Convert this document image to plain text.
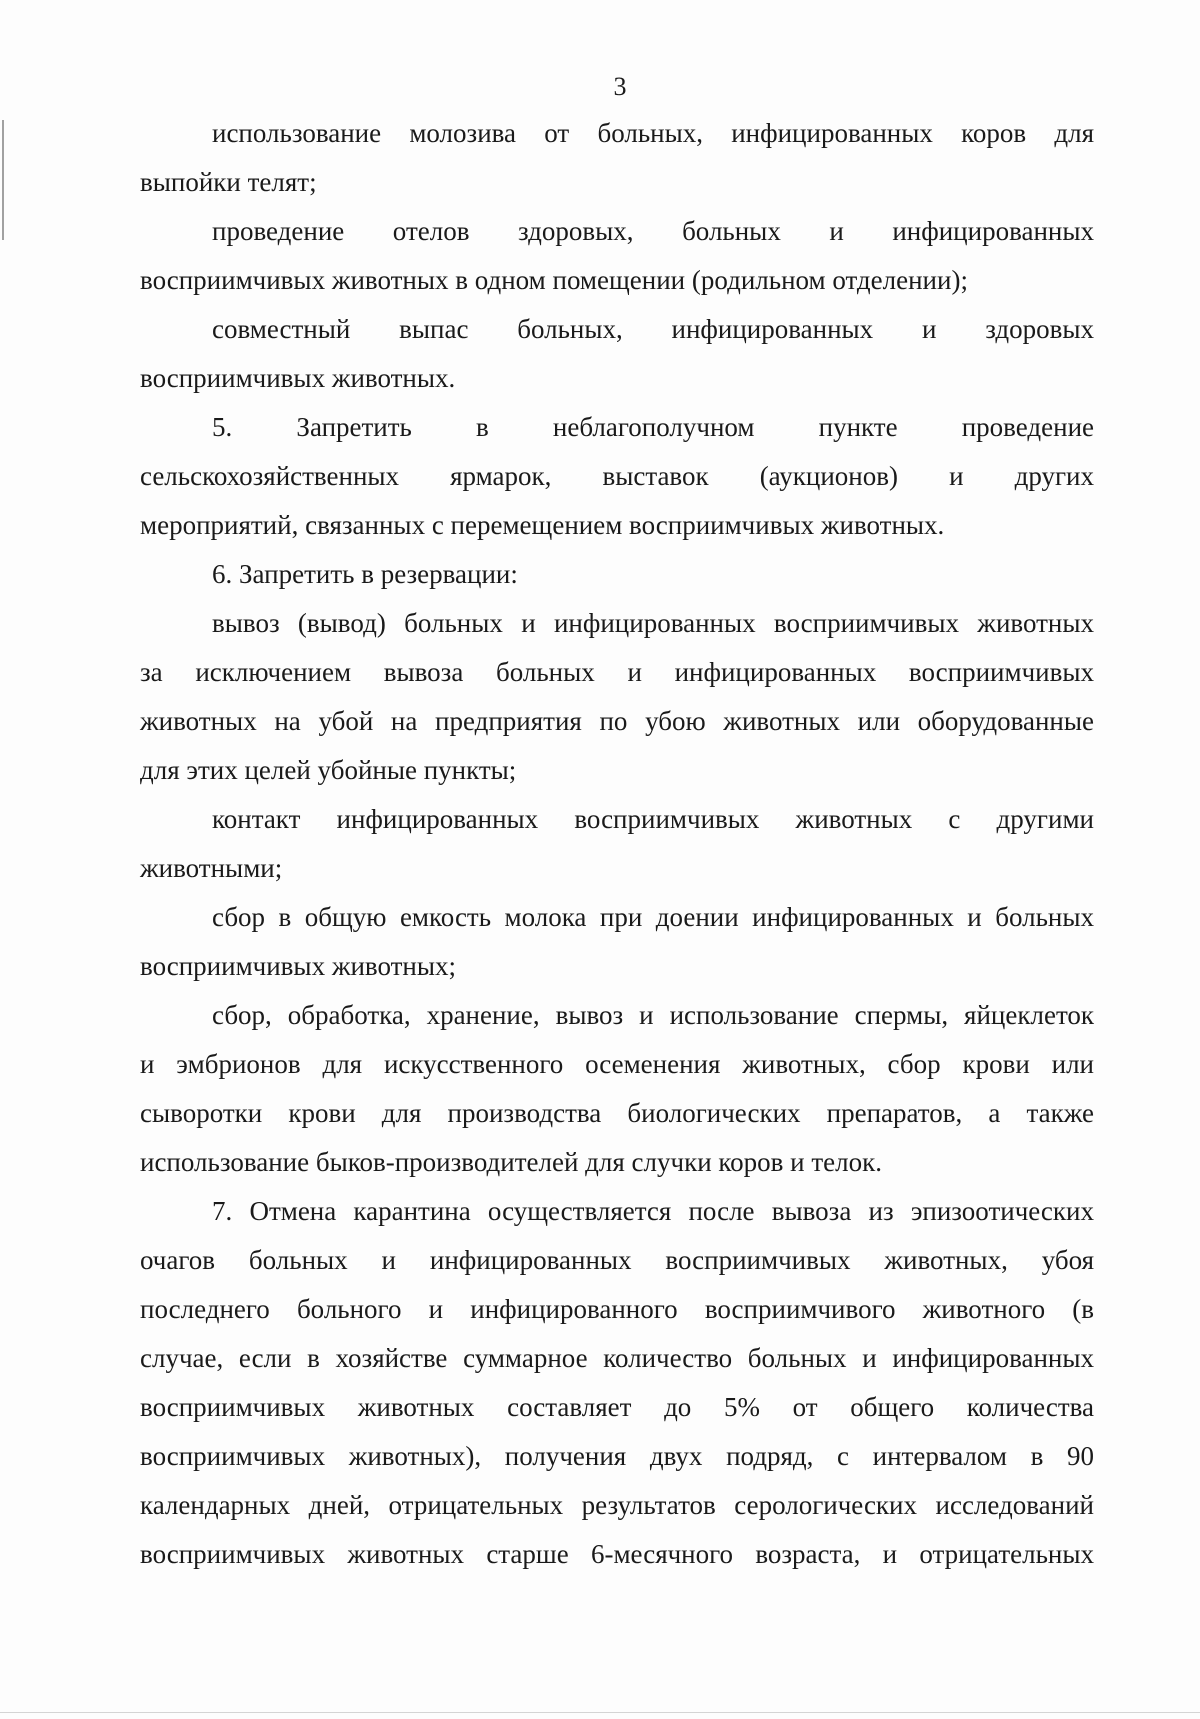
3
использование молозива от больных, инфицированных коров для
выпойки телят;
проведение отелов здоровых, больных и инфицированных
восприимчивых животных в одном помещении (родильном отделении);
совместный выпас больных, инфицированных и здоровых
восприимчивых животных.
5. Запретить в неблагополучном пункте проведение
сельскохозяйственных ярмарок, выставок (аукционов) и других
мероприятий, связанных с перемещением восприимчивых животных.
6. Запретить в резервации:
вывоз (вывод) больных и инфицированных восприимчивых животных
за исключением вывоза больных и инфицированных восприимчивых
животных на убой на предприятия по убою животных или оборудованные
для этих целей убойные пункты;
контакт инфицированных восприимчивых животных с другими
животными;
сбор в общую емкость молока при доении инфицированных и больных
восприимчивых животных;
сбор, обработка, хранение, вывоз и использование спермы, яйцеклеток
и эмбрионов для искусственного осеменения животных, сбор крови или
сыворотки крови для производства биологических препаратов, а также
использование быков-производителей для случки коров и телок.
7. Отмена карантина осуществляется после вывоза из эпизоотических
очагов больных и инфицированных восприимчивых животных, убоя
последнего больного и инфицированного восприимчивого животного (в
случае, если в хозяйстве суммарное количество больных и инфицированных
восприимчивых животных составляет до 5% от общего количества
восприимчивых животных), получения двух подряд, с интервалом в 90
календарных дней, отрицательных результатов серологических исследований
восприимчивых животных старше 6-месячного возраста, и отрицательных
